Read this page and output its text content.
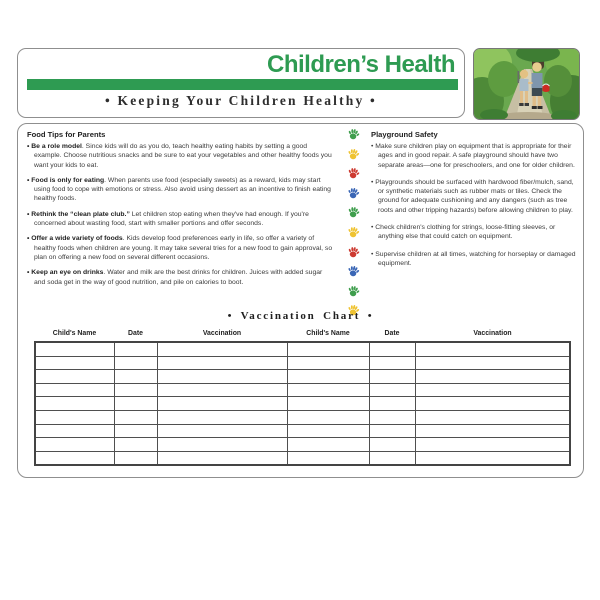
Children’s Health
• Keeping Your Children Healthy •
Food Tips for Parents
• Be a role model. Since kids will do as you do, teach healthy eating habits by setting a good example. Choose nutritious snacks and be sure to eat your vegetables and other healthy foods you want your kids to eat.
• Food is only for eating. When parents use food (especially sweets) as a reward, kids may start using food to cope with emotions or stress. Also avoid using dessert as an incentive to finish eating healthy foods.
• Rethink the “clean plate club.” Let children stop eating when they've had enough. If you're concerned about wasting food, start with smaller portions and offer seconds.
• Offer a wide variety of foods. Kids develop food preferences early in life, so offer a variety of healthy foods when children are young. It may take several tries for a new food to gain approval, so plan on offering a new food on several different occasions.
• Keep an eye on drinks. Water and milk are the best drinks for children. Juices with added sugar and soda get in the way of good nutrition, and pile on calories to boot.
Playground Safety
• Make sure children play on equipment that is appropriate for their ages and in good repair. A safe playground should have two separate areas—one for preschoolers, and one for older children.
• Playgrounds should be surfaced with hardwood fiber/mulch, sand, or synthetic materials such as rubber mats or tiles. Check the ground for adequate cushioning and any dangers (such as tree roots and other tripping hazards) before allowing children to play.
• Check children's clothing for strings, loose-fitting sleeves, or anything else that could catch on equipment.
• Supervise children at all times, watching for horseplay or damaged equipment.
• Vaccination Chart •
Child's Name	Date	Vaccination	Child's Name	Date	Vaccination
